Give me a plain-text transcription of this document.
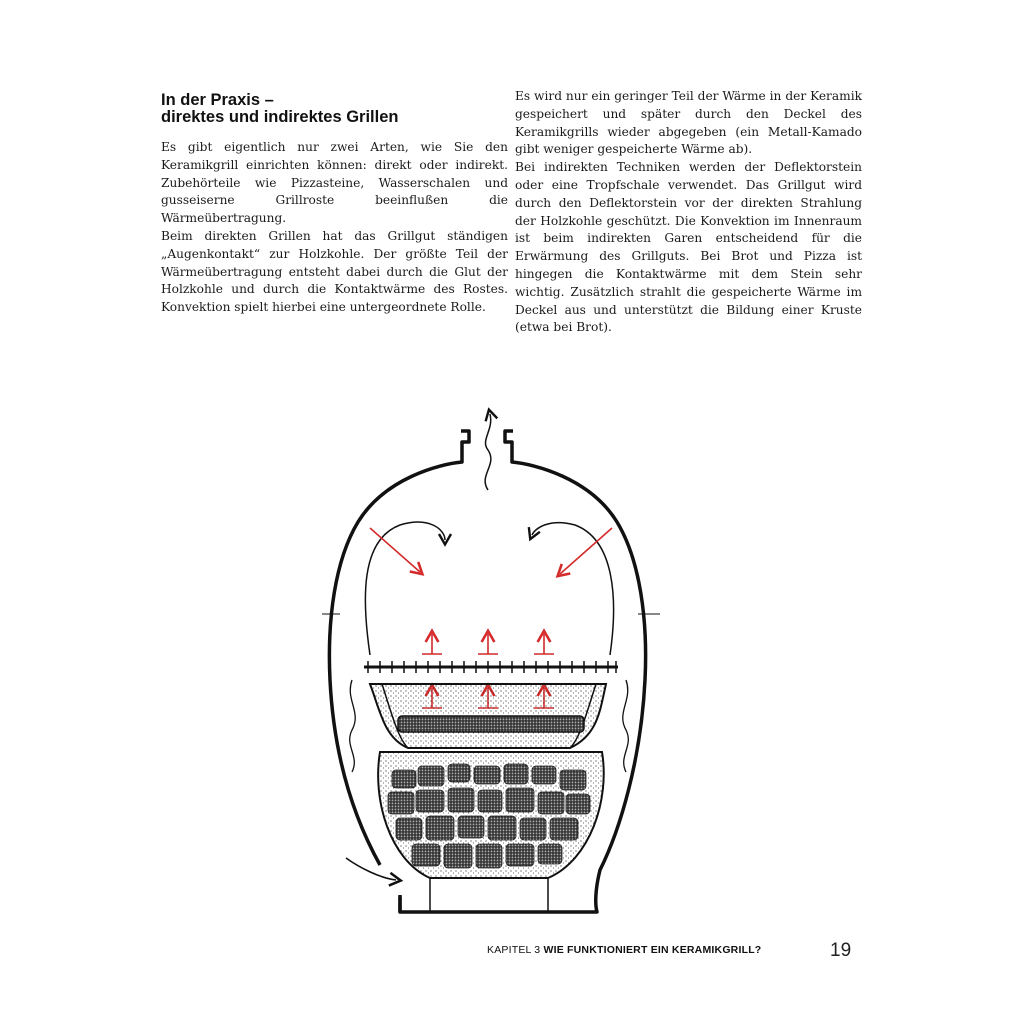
In der Praxis –
direktes und indirektes Grillen

Es gibt eigentlich nur zwei Arten, wie Sie den Keramikgrill einrichten können: direkt oder indirekt. Zubehörteile wie Pizzasteine, Wasserschalen und gusseiserne Grillroste beeinflußen die Wärmeübertragung.

Beim direkten Grillen hat das Grillgut ständigen „Augenkontakt“ zur Holzkohle. Der größte Teil der Wärmeübertragung entsteht dabei durch die Glut der Holzkohle und durch die Kontaktwärme des Rostes. Konvektion spielt hierbei eine untergeordnete Rolle.

Es wird nur ein geringer Teil der Wärme in der Keramik gespeichert und später durch den Deckel des Keramikgrills wieder abgegeben (ein Metall-Kamado gibt weniger gespeicherte Wärme ab).

Bei indirekten Techniken werden der Deflektorstein oder eine Tropfschale verwendet. Das Grillgut wird durch den Deflektorstein vor der direkten Strahlung der Holzkohle geschützt. Die Konvektion im Innenraum ist beim indirekten Garen entscheidend für die Erwärmung des Grillguts. Bei Brot und Pizza ist hingegen die Kontaktwärme mit dem Stein sehr wichtig. Zusätzlich strahlt die gespeicherte Wärme im Deckel aus und unterstützt die Bildung einer Kruste (etwa bei Brot).

KAPITEL 3 WIE FUNKTIONIERT EIN KERAMIKGRILL?	19
